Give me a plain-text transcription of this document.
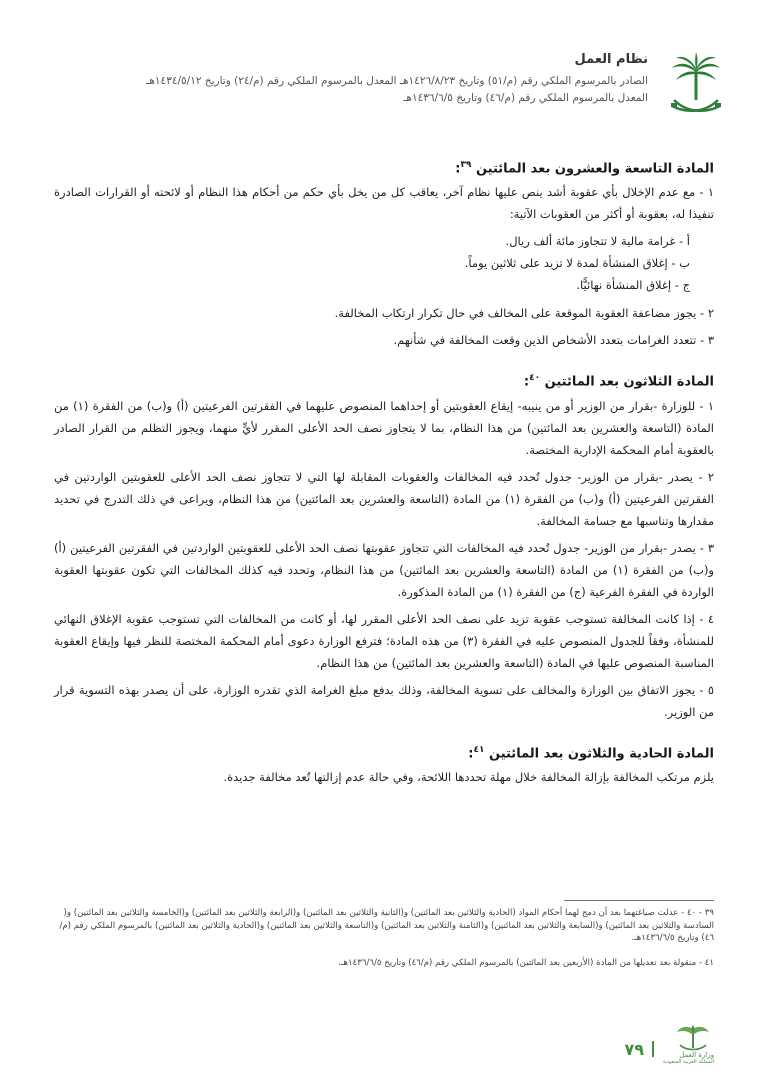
نظام العمل
الصادر بالمرسوم الملكي رقم (م/٥١) وتاريخ ١٤٢٦/٨/٢٣هـ المعدل بالمرسوم الملكي رقم (م/٢٤) وتاريخ ١٤٣٤/٥/١٢هـ
المعدل بالمرسوم الملكي رقم (م/٤٦) وتاريخ ١٤٣٦/٦/٥هـ
المادة التاسعة والعشرون بعد المائتين $^{٣٩}$:
١ - مع عدم الإخلال بأي عقوبة أشد ينص عليها نظام آخر، يعاقب كل من يخل بأي حكم من أحكام هذا النظام أو لائحته أو القرارات الصادرة تنفيذا له، بعقوبة أو أكثر من العقوبات الآتية:
أ - غرامة مالية لا تتجاوز مائة ألف ريال.
ب - إغلاق المنشأة لمدة لا تزيد على ثلاثين يوماً.
ج - إغلاق المنشأة نهائيًّا.
٢ - يجوز مضاعفة العقوبة الموقعة على المخالف في حال تكرار ارتكاب المخالفة.
٣ - تتعدد الغرامات بتعدد الأشخاص الذين وقعت المخالفة في شأنهم.
المادة الثلاثون بعد المائتين $^{٤٠}$:
١ - للوزارة -بقرار من الوزير أو من ينيبه- إيقاع العقوبتين أو إحداهما المنصوص عليهما في الفقرتين الفرعيتين (أ) و(ب) من الفقرة (١) من المادة (التاسعة والعشرين بعد المائتين) من هذا النظام، بما لا يتجاوز نصف الحد الأعلى المقرر لأيٍّ منهما، ويجوز التظلم من القرار الصادر بالعقوبة أمام المحكمة الإدارية المختصة.
٢ - يصدر -بقرار من الوزير- جدول تُحدد فيه المخالفات والعقوبات المقابلة لها التي لا تتجاوز نصف الحد الأعلى للعقوبتين الواردتين في الفقرتين الفرعيتين (أ) و(ب) من الفقرة (١) من المادة (التاسعة والعشرين بعد المائتين) من هذا النظام، ويراعى في ذلك التدرج في تحديد مقدارها وتناسبها مع جسامة المخالفة.
٣ - يصدر -بقرار من الوزير- جدول تُحدد فيه المخالفات التي تتجاوز عقوبتها نصف الحد الأعلى للعقوبتين الواردتين في الفقرتين الفرعيتين (أ) و(ب) من الفقرة (١) من المادة (التاسعة والعشرين بعد المائتين) من هذا النظام، وتحدد فيه كذلك المخالفات التي تكون عقوبتها العقوبة الواردة في الفقرة الفرعية (ج) من الفقرة (١) من المادة المذكورة.
٤ - إذا كانت المخالفة تستوجب عقوبة تزيد على نصف الحد الأعلى المقرر لها، أو كانت من المخالفات التي تستوجب عقوبة الإغلاق النهائي للمنشأة، وفقاً للجدول المنصوص عليه في الفقرة (٣) من هذه المادة؛ فترفع الوزارة دعوى أمام المحكمة المختصة للنظر فيها وإيقاع العقوبة المناسبة المنصوص عليها في المادة (التاسعة والعشرين بعد المائتين) من هذا النظام.
٥ - يجوز الاتفاق بين الوزارة والمخالف على تسوية المخالفة، وذلك بدفع مبلغ الغرامة الذي تقدره الوزارة، على أن يصدر بهذه التسوية قرار من الوزير.
المادة الحادية والثلاثون بعد المائتين $^{٤١}$:
يلزم مرتكب المخالفة بإزالة المخالفة خلال مهلة تحددها اللائحة، وفي حالة عدم إزالتها تُعد مخالفة جديدة.
٣٩ - ٤٠ - عدلت صياغتهما بعد أن دمج لهما أحكام المواد (الحادية والثلاثين بعد المائتين) و(الثانية والثلاثين بعد المائتين) و(الرابعة والثلاثين بعد المائتين) و(الخامسة والثلاثين بعد المائتين) و( السادسة والثلاثين بعد المائتين) و(السابعة والثلاثين بعد المائتين) و(الثامنة والثلاثين بعد المائتين) و(التاسعة والثلاثين بعد المائتين) و(الحادية والثلاثين بعد المائتين) بالمرسوم الملكي رقم (م/٤٦) وتاريخ ١٤٣٦/٦/٥هـ.
٤١ - منقولة بعد تعديلها من المادة (الأربعين بعد المائتين) بالمرسوم الملكي رقم (م/٤٦) وتاريخ ١٤٣٦/٦/٥هـ.
وزارة العمل
المملكة العربية السعودية
٧٩
